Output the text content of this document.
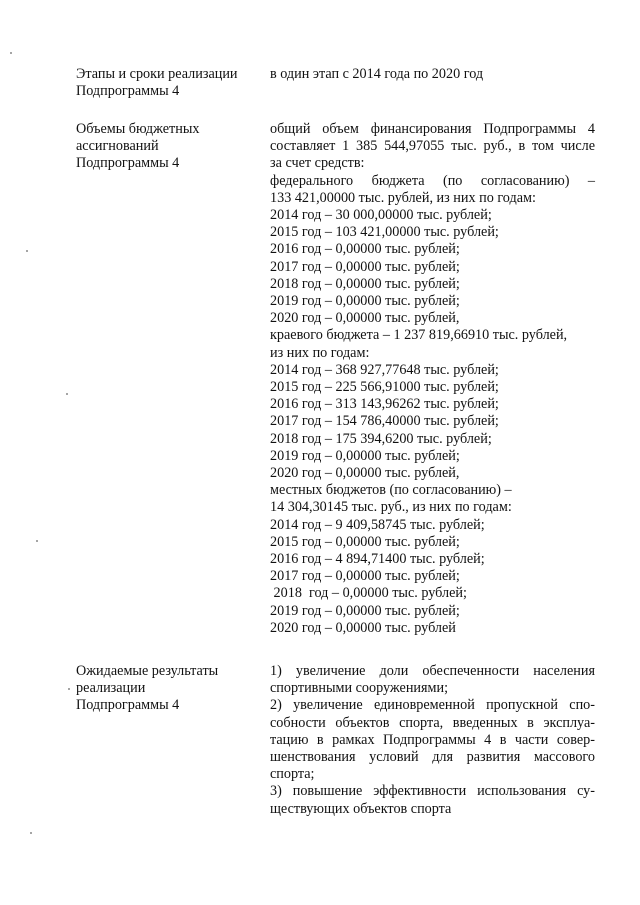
Этапы и сроки реализации
Подпрограммы 4
в один этап с 2014 года по 2020 год
Объемы бюджетных
ассигнований
Подпрограммы 4
общий объем финансирования Подпрограммы 4
составляет 1 385 544,97055 тыс. руб., в том числе
за счет средств:
федерального бюджета (по согласованию) –
133 421,00000 тыс. рублей, из них по годам:
2014 год – 30 000,00000 тыс. рублей;
2015 год – 103 421,00000 тыс. рублей;
2016 год – 0,00000 тыс. рублей;
2017 год – 0,00000 тыс. рублей;
2018 год – 0,00000 тыс. рублей;
2019 год – 0,00000 тыс. рублей;
2020 год – 0,00000 тыс. рублей,
краевого бюджета – 1 237 819,66910 тыс. рублей,
из них по годам:
2014 год – 368 927,77648 тыс. рублей;
2015 год – 225 566,91000 тыс. рублей;
2016 год – 313 143,96262 тыс. рублей;
2017 год – 154 786,40000 тыс. рублей;
2018 год – 175 394,6200 тыс. рублей;
2019 год – 0,00000 тыс. рублей;
2020 год – 0,00000 тыс. рублей,
местных бюджетов (по согласованию) –
14 304,30145 тыс. руб., из них по годам:
2014 год – 9 409,58745 тыс. рублей;
2015 год – 0,00000 тыс. рублей;
2016 год – 4 894,71400 тыс. рублей;
2017 год – 0,00000 тыс. рублей;
2018  год – 0,00000 тыс. рублей;
2019 год – 0,00000 тыс. рублей;
2020 год – 0,00000 тыс. рублей
Ожидаемые результаты
реализации
Подпрограммы 4
1) увеличение доли обеспеченности населения
спортивными сооружениями;
2) увеличение единовременной пропускной спо-
собности объектов спорта, введенных в эксплуа-
тацию в рамках Подпрограммы 4 в части совер-
шенствования условий для развития массового
спорта;
3) повышение эффективности использования су-
ществующих объектов спорта
